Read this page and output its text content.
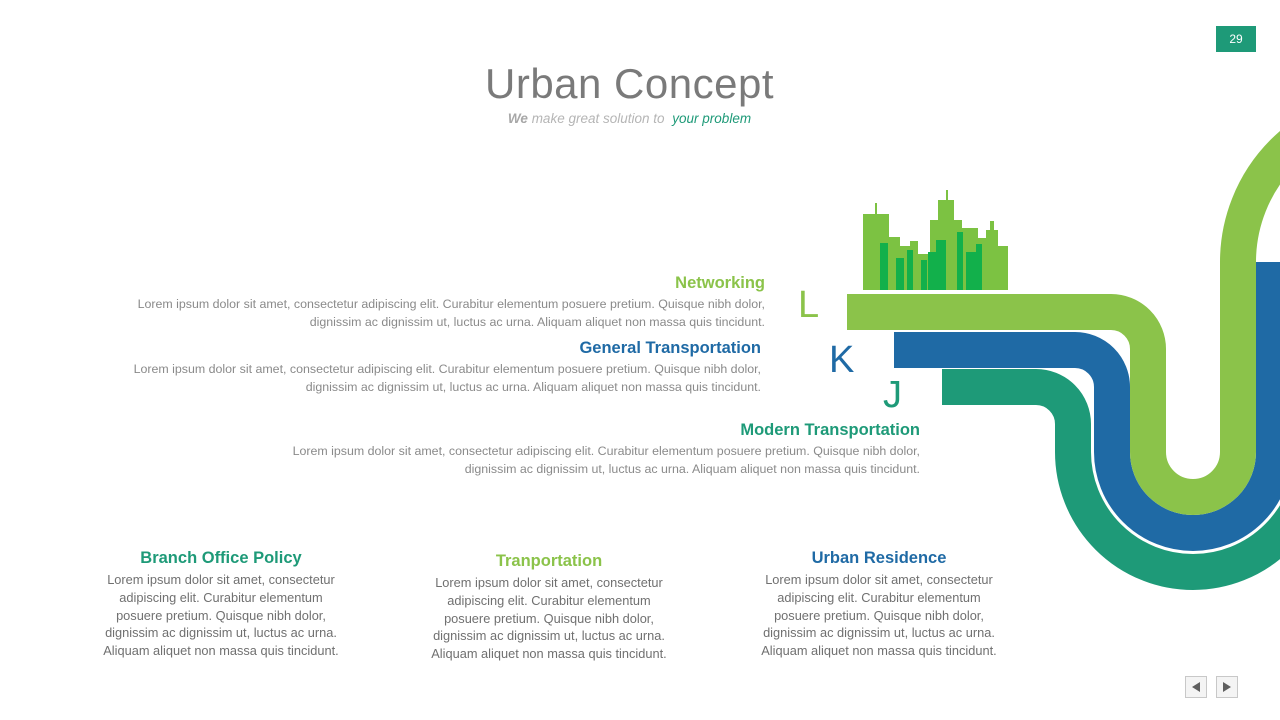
29
Urban Concept
We make great solution to your problem
L
K
J
Networking

Lorem ipsum dolor sit amet, consectetur adipiscing elit. Curabitur elementum posuere pretium. Quisque nibh dolor, dignissim ac dignissim ut, luctus ac urna. Aliquam aliquet non massa quis tincidunt.

General Transportation

Lorem ipsum dolor sit amet, consectetur adipiscing elit. Curabitur elementum posuere pretium. Quisque nibh dolor, dignissim ac dignissim ut, luctus ac urna. Aliquam aliquet non massa quis tincidunt.

Modern Transportation

Lorem ipsum dolor sit amet, consectetur adipiscing elit. Curabitur elementum posuere pretium. Quisque nibh dolor, dignissim ac dignissim ut, luctus ac urna. Aliquam aliquet non massa quis tincidunt.

Branch Office Policy

Lorem ipsum dolor sit amet, consectetur adipiscing elit. Curabitur elementum posuere pretium. Quisque nibh dolor, dignissim ac dignissim ut, luctus ac urna. Aliquam aliquet non massa quis tincidunt.

Tranportation

Lorem ipsum dolor sit amet, consectetur adipiscing elit. Curabitur elementum posuere pretium. Quisque nibh dolor, dignissim ac dignissim ut, luctus ac urna. Aliquam aliquet non massa quis tincidunt.

Urban Residence

Lorem ipsum dolor sit amet, consectetur adipiscing elit. Curabitur elementum posuere pretium. Quisque nibh dolor, dignissim ac dignissim ut, luctus ac urna. Aliquam aliquet non massa quis tincidunt.
